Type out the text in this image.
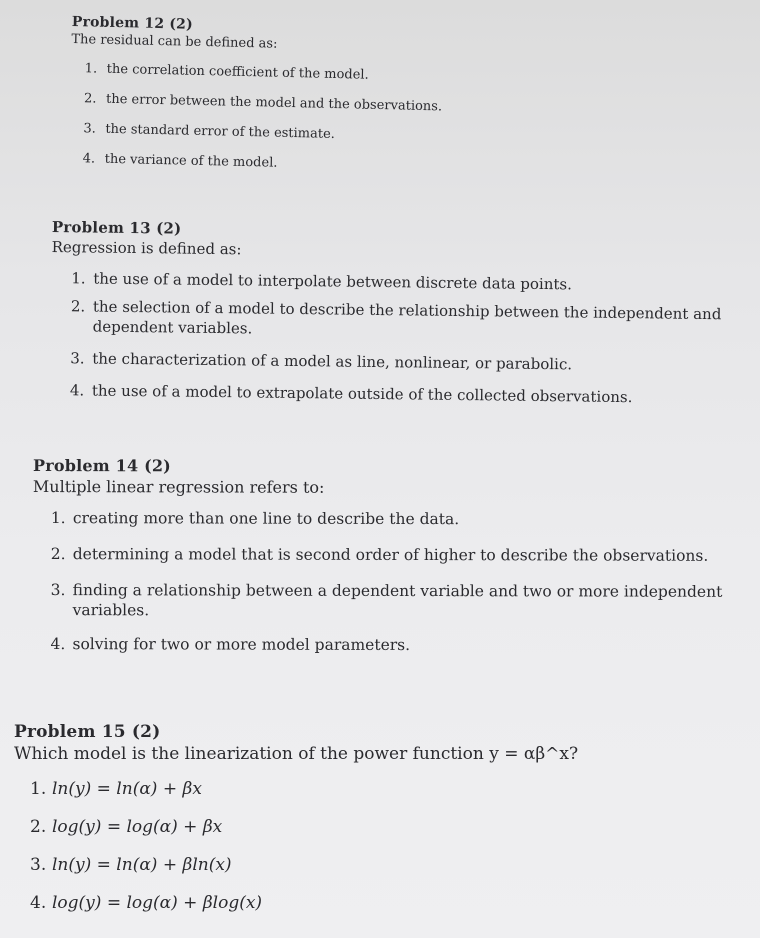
Problem 12 (2)
The residual can be defined as:
1. the correlation coefficient of the model.
2. the error between the model and the observations.
3. the standard error of the estimate.
4. the variance of the model.
Problem 13 (2)
Regression is defined as:
1. the use of a model to interpolate between discrete data points.
2. the selection of a model to describe the relationship between the independent and dependent variables.
3. the characterization of a model as line, nonlinear, or parabolic.
4. the use of a model to extrapolate outside of the collected observations.
Problem 14 (2)
Multiple linear regression refers to:
1. creating more than one line to describe the data.
2. determining a model that is second order of higher to describe the observations.
3. finding a relationship between a dependent variable and two or more independent variables.
4. solving for two or more model parameters.
Problem 15 (2)
Which model is the linearization of the power function y = αβ^x?
1. ln(y) = ln(α) + βx
2. log(y) = log(α) + βx
3. ln(y) = ln(α) + βln(x)
4. log(y) = log(α) + βlog(x)
